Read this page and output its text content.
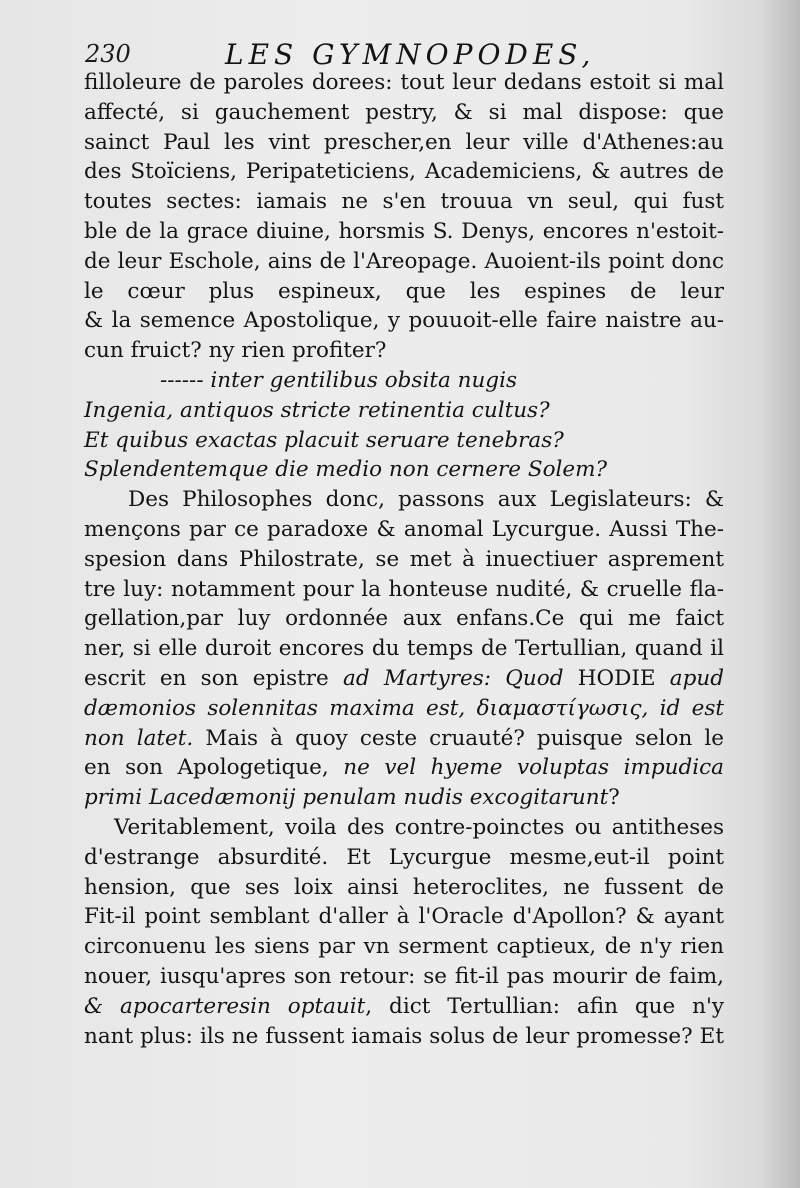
230	LES GYMNOPODES,
filloleure de paroles dorees: tout leur dedans estoit si mal
affecté, si gauchement pestry, & si mal dispose: que
sainct Paul les vint prescher,en leur ville d'Athenes:au
des Stoïciens, Peripateticiens, Academiciens, & autres de
toutes sectes: iamais ne s'en trouua vn seul, qui fust
ble de la grace diuine, horsmis S. Denys, encores n'estoit-
de leur Eschole, ains de l'Areopage. Auoient-ils point donc
le cœur plus espineux, que les espines de leur
& la semence Apostolique, y pouuoit-elle faire naistre au-
cun fruict? ny rien profiter?
------ inter gentilibus obsita nugis
Ingenia, antiquos stricte retinentia cultus?
Et quibus exactas placuit seruare tenebras?
Splendentemque die medio non cernere Solem?
Des Philosophes donc, passons aux Legislateurs: &
mençons par ce paradoxe & anomal Lycurgue. Aussi The-
spesion dans Philostrate, se met à inuectiuer asprement
tre luy: notamment pour la honteuse nudité, & cruelle fla-
gellation,par luy ordonnée aux enfans.Ce qui me faict
ner, si elle duroit encores du temps de Tertullian, quand il
escrit en son epistre ad Martyres: Quod HODIE apud
dæmonios solennitas maxima est, διαμαστίγωσις, id est
non latet. Mais à quoy ceste cruauté? puisque selon le
en son Apologetique, ne vel hyeme voluptas impudica
primi Lacedæmonij penulam nudis excogitarunt?
Veritablement, voila des contre-poinctes ou antitheses
d'estrange absurdité. Et Lycurgue mesme,eut-il point
hension, que ses loix ainsi heteroclites, ne fussent de
Fit-il point semblant d'aller à l'Oracle d'Apollon? & ayant
circonuenu les siens par vn serment captieux, de n'y rien
nouer, iusqu'apres son retour: se fit-il pas mourir de faim,
& apocarteresin optauit, dict Tertullian: afin que n'y
nant plus: ils ne fussent iamais solus de leur promesse? Et
